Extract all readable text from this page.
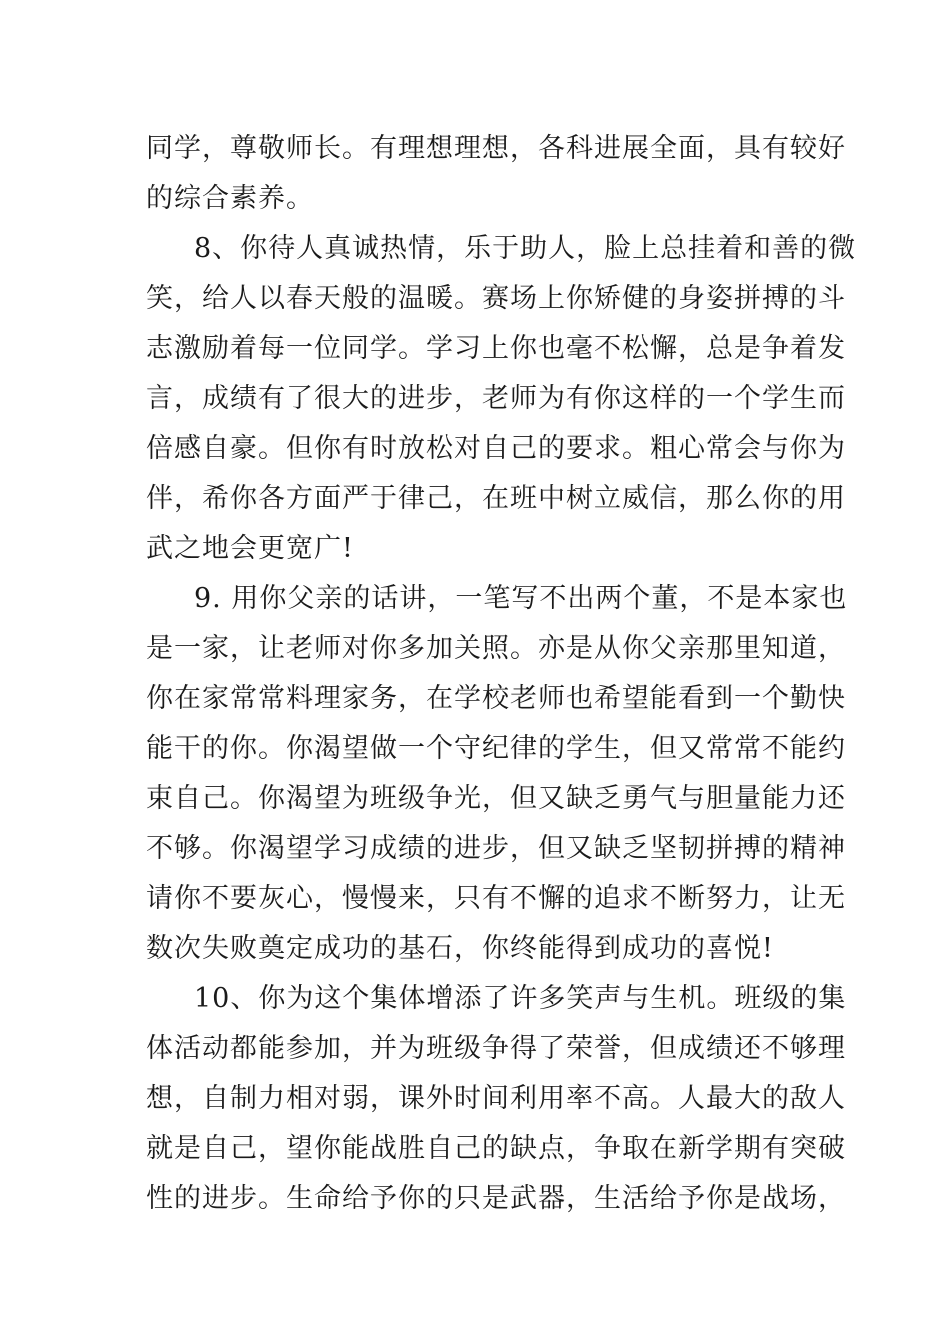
同学，尊敬师长。有理想理想，各科进展全面，具有较好
的综合素养。
8、你待人真诚热情，乐于助人，脸上总挂着和善的微
笑，给人以春天般的温暖。赛场上你矫健的身姿拼搏的斗
志激励着每一位同学。学习上你也毫不松懈，总是争着发
言，成绩有了很大的进步，老师为有你这样的一个学生而
倍感自豪。但你有时放松对自己的要求。粗心常会与你为
伴，希你各方面严于律己，在班中树立威信，那么你的用
武之地会更宽广!
9. 用你父亲的话讲，一笔写不出两个董，不是本家也
是一家，让老师对你多加关照。亦是从你父亲那里知道，
你在家常常料理家务，在学校老师也希望能看到一个勤快
能干的你。你渴望做一个守纪律的学生，但又常常不能约
束自己。你渴望为班级争光，但又缺乏勇气与胆量能力还
不够。你渴望学习成绩的进步，但又缺乏坚韧拼搏的精神
请你不要灰心，慢慢来，只有不懈的追求不断努力，让无
数次失败奠定成功的基石，你终能得到成功的喜悦!
10、你为这个集体增添了许多笑声与生机。班级的集
体活动都能参加，并为班级争得了荣誉，但成绩还不够理
想，自制力相对弱，课外时间利用率不高。人最大的敌人
就是自己，望你能战胜自己的缺点，争取在新学期有突破
性的进步。生命给予你的只是武器，生活给予你是战场，
